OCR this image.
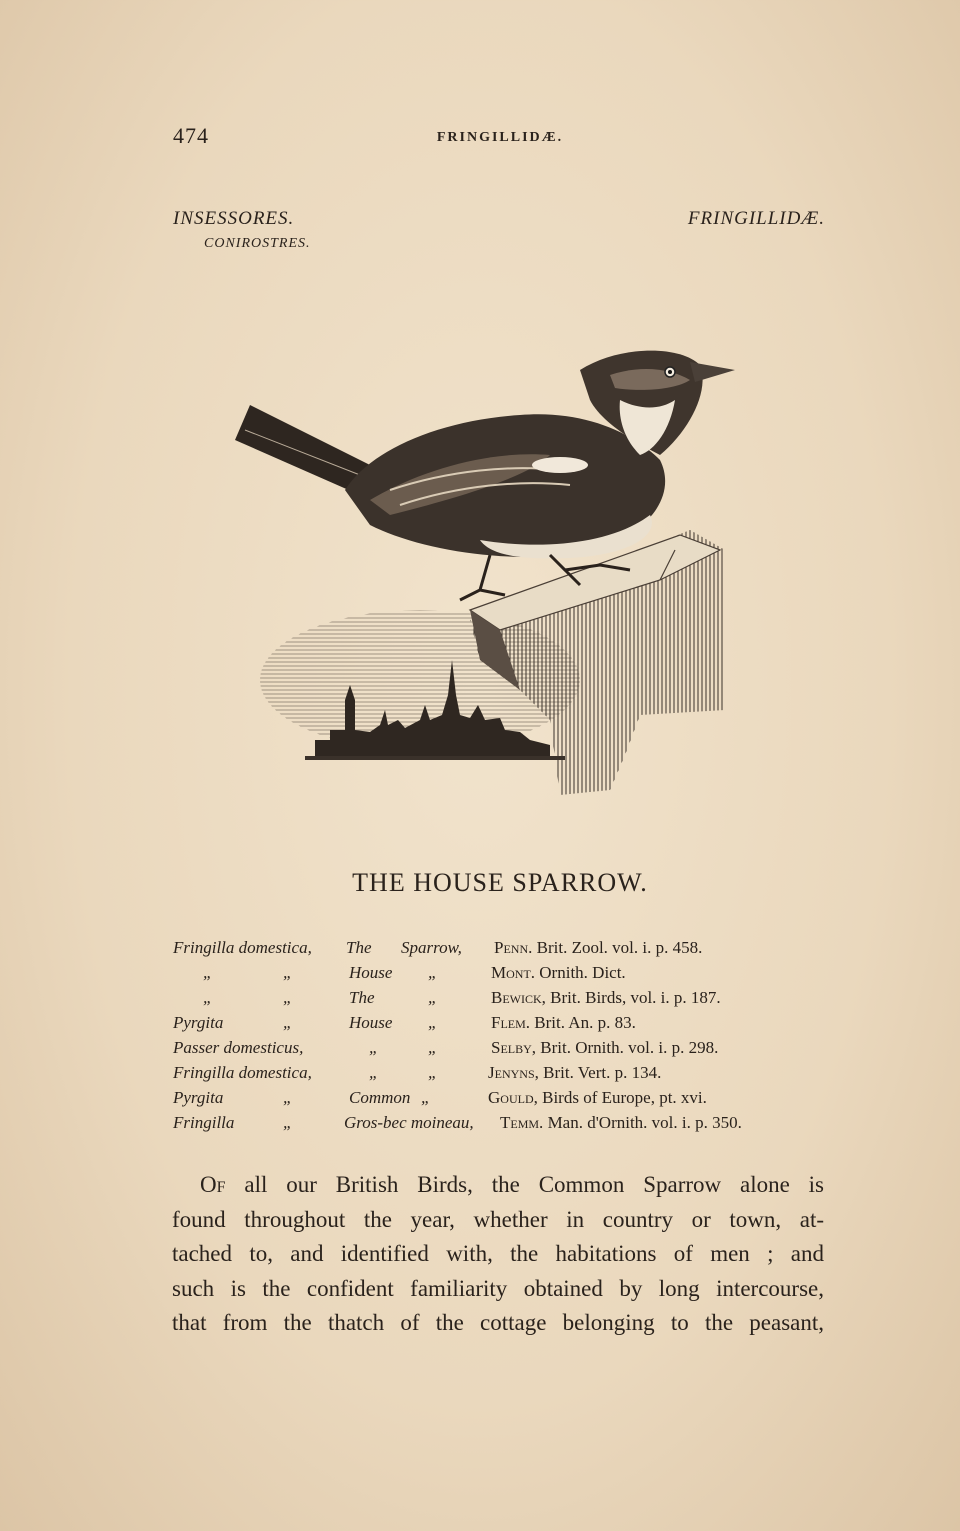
474	FRINGILLIDÆ.
INSESSORES.
CONIROSTRES.
FRINGILLIDÆ.
THE HOUSE SPARROW.
Fringilla domestica, The Sparrow, Penn. Brit. Zool. vol. i. p. 458.
„	„	House „	Mont. Ornith. Dict.
„	„	The	„	Bewick, Brit. Birds, vol. i. p. 187.
Pyrgita	„	House „	Flem. Brit. An. p. 83.
Passer domesticus,	„	„	Selby, Brit. Ornith. vol. i. p. 298.
Fringilla domestica,	„	„	Jenyns, Brit. Vert. p. 134.
Pyrgita	„	Common „	Gould, Birds of Europe, pt. xvi.
Fringilla	„	Gros-bec moineau, Temm. Man. d'Ornith. vol. i. p. 350.
Of all our British Birds, the Common Sparrow alone is
found throughout the year, whether in country or town, at-
tached to, and identified with, the habitations of men ; and
such is the confident familiarity obtained by long intercourse,
that from the thatch of the cottage belonging to the peasant,
